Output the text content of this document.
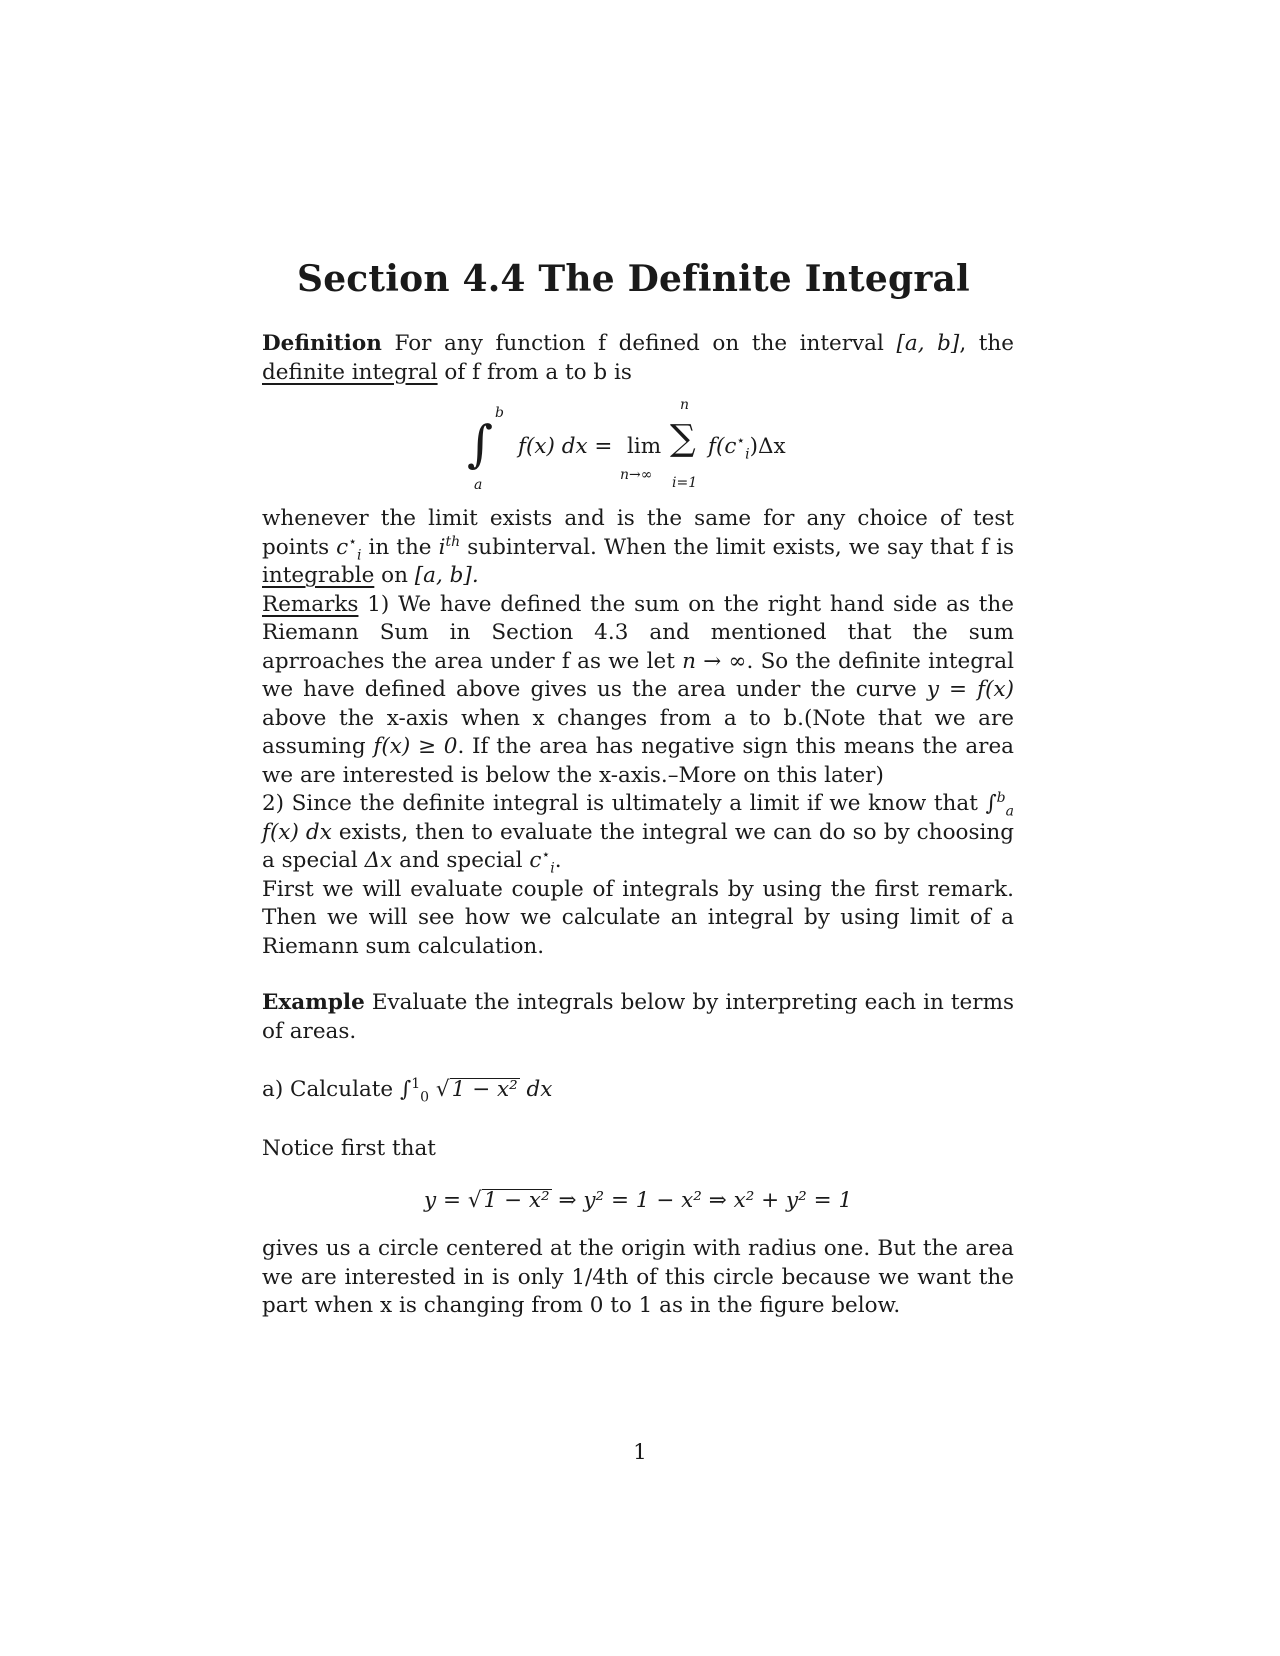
Section 4.4 The Definite Integral

Definition For any function f defined on the interval [a, b], the definite integral of f from a to b is

∫
b
a
f(x) dx = lim
n→∞
n
∑
i=1
$f(c^⋆_i)\Delta x$

whenever the limit exists and is the same for any choice of test points $c^⋆_i$ in the $i^{th}$ subinterval. When the limit exists, we say that f is integrable on [a, b].

Remarks 1) We have defined the sum on the right hand side as the Riemann Sum in Section 4.3 and mentioned that the sum aprroaches the area under f as we let n → ∞. So the definite integral we have defined above gives us the area under the curve y = f(x) above the x-axis when x changes from a to b.(Note that we are assuming f(x) ≥ 0. If the area has negative sign this means the area we are interested is below the x-axis.–More on this later)

2) Since the definite integral is ultimately a limit if we know that ∫$^b_a$ f(x) dx exists, then to evaluate the integral we can do so by choosing a special Δx and special $c^⋆_i$.

First we will evaluate couple of integrals by using the first remark. Then we will see how we calculate an integral by using limit of a Riemann sum calculation.

Example Evaluate the integrals below by interpreting each in terms of areas.

a) Calculate ∫$^1_0$ √1 − x² dx

Notice first that

y = √1 − x² ⇒ y² = 1 − x² ⇒ x² + y² = 1

gives us a circle centered at the origin with radius one. But the area we are interested in is only 1/4th of this circle because we want the part when x is changing from 0 to 1 as in the figure below.

1
